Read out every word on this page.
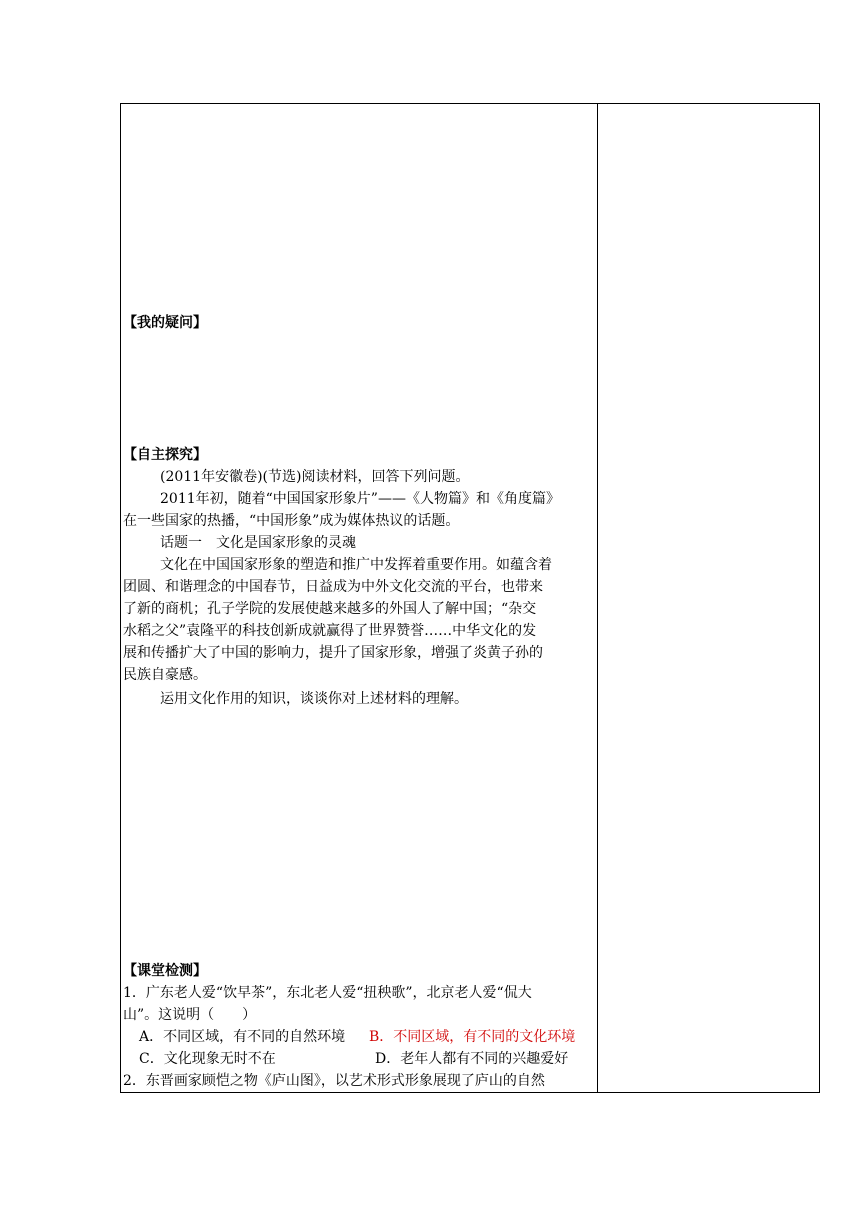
【我的疑问】
【自主探究】
(2011年安徽卷)(节选)阅读材料，回答下列问题。
2011年初，随着“中国国家形象片”——《人物篇》和《角度篇》
在一些国家的热播，“中国形象”成为媒体热议的话题。
话题一　文化是国家形象的灵魂
文化在中国国家形象的塑造和推广中发挥着重要作用。如蕴含着
团圆、和谐理念的中国春节，日益成为中外文化交流的平台，也带来
了新的商机；孔子学院的发展使越来越多的外国人了解中国；“杂交
水稻之父”袁隆平的科技创新成就赢得了世界赞誉……中华文化的发
展和传播扩大了中国的影响力，提升了国家形象，增强了炎黄子孙的
民族自豪感。
运用文化作用的知识，谈谈你对上述材料的理解。
【课堂检测】
1．广东老人爱“饮早茶”，东北老人爱“扭秧歌”，北京老人爱“侃大
山”。这说明（　　）
A．不同区域，有不同的自然环境 B．不同区域，有不同的文化环境
C．文化现象无时不在	D．老年人都有不同的兴趣爱好
2．东晋画家顾恺之物《庐山图》，以艺术形式形象展现了庐山的自然
